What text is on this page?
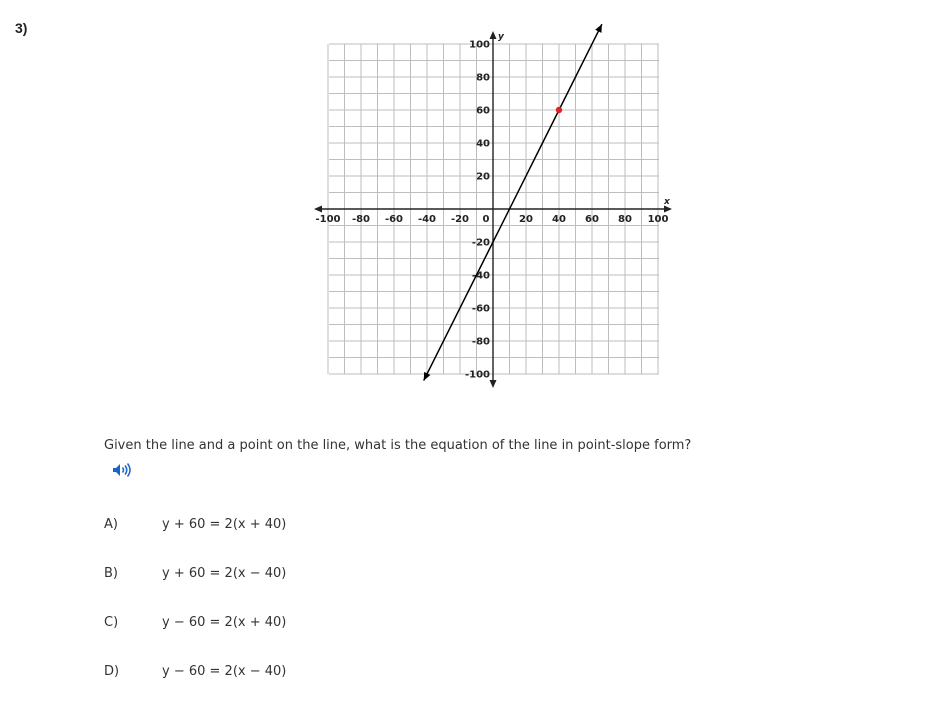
3)
x
y
-100 -80 -60 -40 -20 0	20 40 60 80 100
100
80
60
40
20
-20
-40
-60
-80
-100
Given the line and a point on the line, what is the equation of the line in point-slope form?
A)	y + 60 = 2(x + 40)
B)	y + 60 = 2(x − 40)
C)	y − 60 = 2(x + 40)
D)	y − 60 = 2(x − 40)
